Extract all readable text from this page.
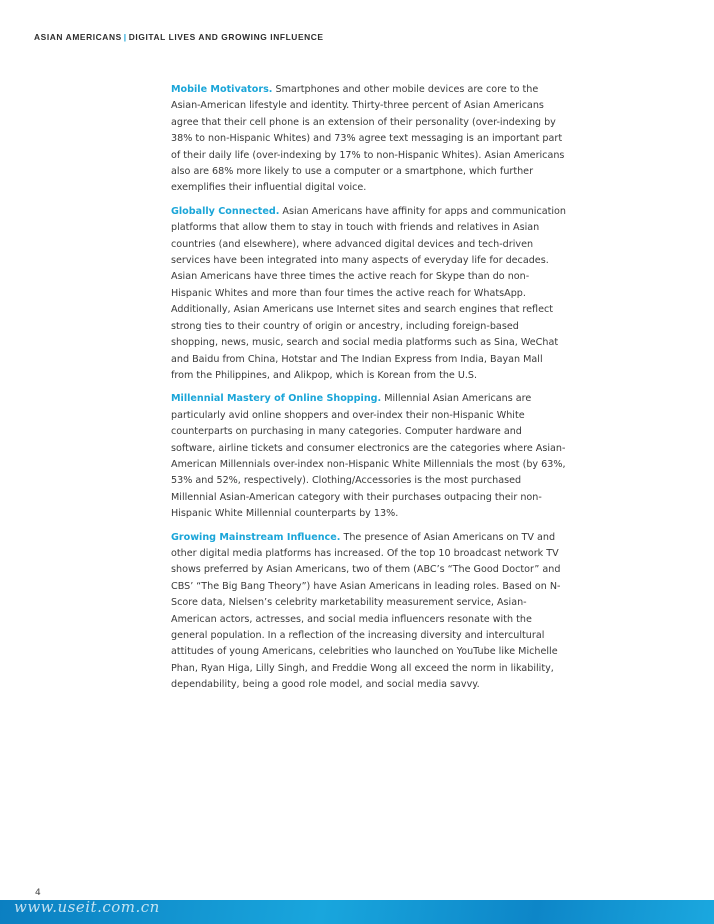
ASIAN AMERICANS | DIGITAL LIVES AND GROWING INFLUENCE

Mobile Motivators. Smartphones and other mobile devices are core to the Asian-American lifestyle and identity. Thirty-three percent of Asian Americans agree that their cell phone is an extension of their personality (over-indexing by 38% to non-Hispanic Whites) and 73% agree text messaging is an important part of their daily life (over-indexing by 17% to non-Hispanic Whites). Asian Americans also are 68% more likely to use a computer or a smartphone, which further exemplifies their influential digital voice.

Globally Connected. Asian Americans have affinity for apps and communication platforms that allow them to stay in touch with friends and relatives in Asian countries (and elsewhere), where advanced digital devices and tech-driven services have been integrated into many aspects of everyday life for decades. Asian Americans have three times the active reach for Skype than do non-Hispanic Whites and more than four times the active reach for WhatsApp. Additionally, Asian Americans use Internet sites and search engines that reflect strong ties to their country of origin or ancestry, including foreign-based shopping, news, music, search and social media platforms such as Sina, WeChat and Baidu from China, Hotstar and The Indian Express from India, Bayan Mall from the Philippines, and Alikpop, which is Korean from the U.S.

Millennial Mastery of Online Shopping. Millennial Asian Americans are particularly avid online shoppers and over-index their non-Hispanic White counterparts on purchasing in many categories. Computer hardware and software, airline tickets and consumer electronics are the categories where Asian-American Millennials over-index non-Hispanic White Millennials the most (by 63%, 53% and 52%, respectively). Clothing/Accessories is the most purchased Millennial Asian-American category with their purchases outpacing their non-Hispanic White Millennial counterparts by 13%.

Growing Mainstream Influence. The presence of Asian Americans on TV and other digital media platforms has increased. Of the top 10 broadcast network TV shows preferred by Asian Americans, two of them (ABC’s “The Good Doctor” and CBS’ “The Big Bang Theory”) have Asian Americans in leading roles. Based on N-Score data, Nielsen’s celebrity marketability measurement service, Asian-American actors, actresses, and social media influencers resonate with the general population. In a reflection of the increasing diversity and intercultural attitudes of young Americans, celebrities who launched on YouTube like Michelle Phan, Ryan Higa, Lilly Singh, and Freddie Wong all exceed the norm in likability, dependability, being a good role model, and social media savvy.

4
www.useit.com.cn
